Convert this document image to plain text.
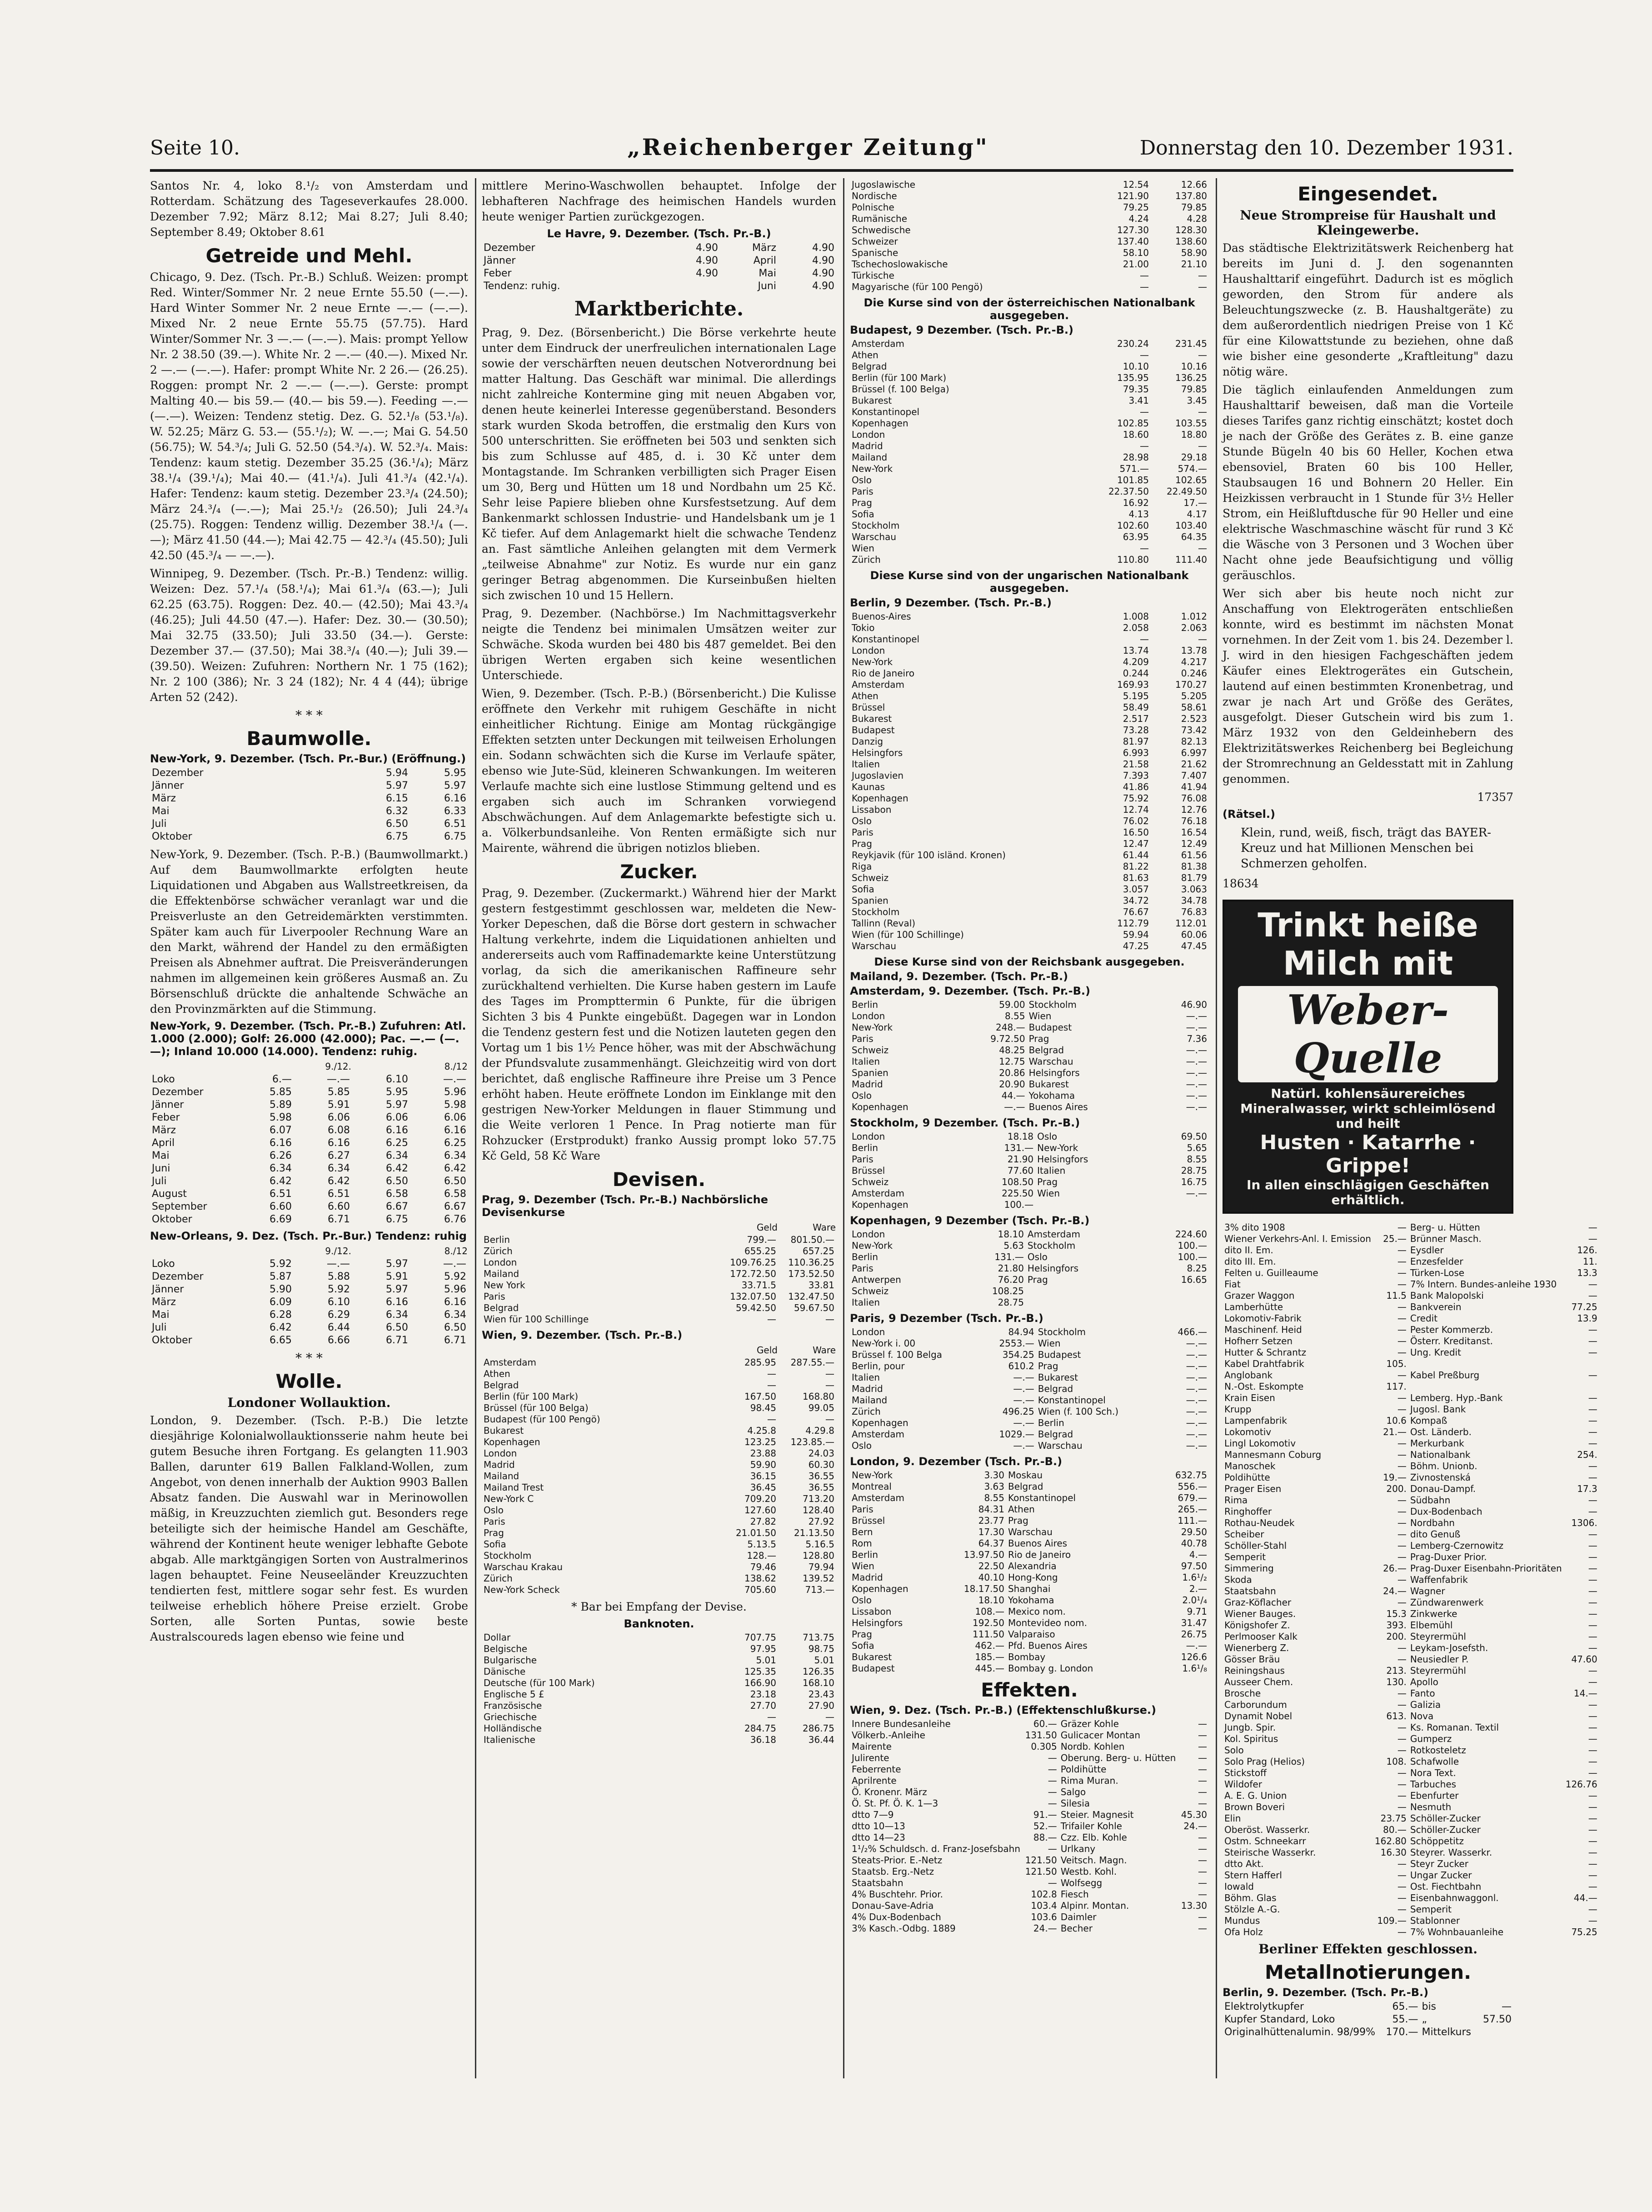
Seite 10.	„Reichenberger Zeitung"	Donnerstag den 10. Dezember 1931.

Santos Nr. 4, loko 8.¹/₂ von Amsterdam und Rotterdam. Schätzung des Tageseverkaufes 28.000. Dezember 7.92; März 8.12; Mai 8.27; Juli 8.40; September 8.49; Oktober 8.61

Getreide und Mehl.

Chicago, 9. Dez. (Tsch. Pr.-B.) Schluß. Weizen: prompt Red. Winter/Sommer Nr. 2 neue Ernte 55.50 (—.—). Hard Winter Sommer Nr. 2 neue Ernte —.— (—.—). Mixed Nr. 2 neue Ernte 55.75 (57.75). Hard Winter/Sommer Nr. 3 —.— (—.—). Mais: prompt Yellow Nr. 2 38.50 (39.—). White Nr. 2 —.— (40.—). Mixed Nr. 2 —.— (—.—). Hafer: prompt White Nr. 2 26.— (26.25). Roggen: prompt Nr. 2 —.— (—.—). Gerste: prompt Malting 40.— bis 59.— (40.— bis 59.—). Feeding —.— (—.—). Weizen: Tendenz stetig. Dez. G. 52.¹/₈ (53.¹/₈). W. 52.25; März G. 53.— (55.¹/₂); W. —.—; Mai G. 54.50 (56.75); W. 54.³/₄; Juli G. 52.50 (54.³/₄). W. 52.³/₄. Mais: Tendenz: kaum stetig. Dezember 35.25 (36.¹/₄); März 38.¹/₄ (39.¹/₄); Mai 40.— (41.¹/₄). Juli 41.³/₄ (42.¹/₄). Hafer: Tendenz: kaum stetig. Dezember 23.³/₄ (24.50); März 24.³/₄ (—.—); Mai 25.¹/₂ (26.50); Juli 24.³/₄ (25.75). Roggen: Tendenz willig. Dezember 38.¹/₄ (—.—); März 41.50 (44.—); Mai 42.75 — 42.³/₄ (45.50); Juli 42.50 (45.³/₄ — —.—).

Winnipeg, 9. Dezember. (Tsch. Pr.-B.) Tendenz: willig. Weizen: Dez. 57.¹/₄ (58.¹/₄); Mai 61.³/₄ (63.—); Juli 62.25 (63.75). Roggen: Dez. 40.— (42.50); Mai 43.³/₄ (46.25); Juli 44.50 (47.—). Hafer: Dez. 30.— (30.50); Mai 32.75 (33.50); Juli 33.50 (34.—). Gerste: Dezember 37.— (37.50); Mai 38.³/₄ (40.—); Juli 39.— (39.50). Weizen: Zufuhren: Northern Nr. 1 75 (162); Nr. 2 100 (386); Nr. 3 24 (182); Nr. 4 4 (44); übrige Arten 52 (242).

* * *
Baumwolle.
New-York, 9. Dezember. (Tsch. Pr.-Bur.) (Eröffnung.)
Dezember	5.94	5.95
Jänner	5.97	5.97
März	6.15	6.16
Mai	6.32	6.33
Juli	6.50	6.51
Oktober	6.75	6.75

New-York, 9. Dezember. (Tsch. P.-B.) (Baumwollmarkt.) Auf dem Baumwollmarkte erfolgten heute Liquidationen und Abgaben aus Wallstreetkreisen, da die Effektenbörse schwächer veranlagt war und die Preisverluste an den Getreidemärkten verstimmten. Später kam auch für Liverpooler Rechnung Ware an den Markt, während der Handel zu den ermäßigten Preisen als Abnehmer auftrat. Die Preisveränderungen nahmen im allgemeinen kein größeres Ausmaß an. Zu Börsenschluß drückte die anhaltende Schwäche an den Provinzmärkten auf die Stimmung.

New-York, 9. Dezember. (Tsch. Pr.-B.) Zufuhren: Atl. 1.000 (2.000); Golf: 26.000 (42.000); Pac. —.— (—.—); Inland 10.000 (14.000). Tendenz: ruhig.
	9./12.		8./12	
Loko	6.—	—.—	6.10	—.—
Dezember	5.85	5.85	5.95	5.96
Jänner	5.89	5.91	5.97	5.98
Feber	5.98	6.06	6.06	6.06
März	6.07	6.08	6.16	6.16
April	6.16	6.16	6.25	6.25
Mai	6.26	6.27	6.34	6.34
Juni	6.34	6.34	6.42	6.42
Juli	6.42	6.42	6.50	6.50
August	6.51	6.51	6.58	6.58
September	6.60	6.60	6.67	6.67
Oktober	6.69	6.71	6.75	6.76
New-Orleans, 9. Dez. (Tsch. Pr.-Bur.) Tendenz: ruhig
	9./12.		8./12	
Loko	5.92	—.—	5.97	—.—
Dezember	5.87	5.88	5.91	5.92
Jänner	5.90	5.92	5.97	5.96
März	6.09	6.10	6.16	6.16
Mai	6.28	6.29	6.34	6.34
Juli	6.42	6.44	6.50	6.50
Oktober	6.65	6.66	6.71	6.71
* * *
Wolle.
Londoner Wollauktion.

London, 9. Dezember. (Tsch. P.-B.) Die letzte diesjährige Kolonialwollauktionsserie nahm heute bei gutem Besuche ihren Fortgang. Es gelangten 11.903 Ballen, darunter 619 Ballen Falkland-Wollen, zum Angebot, von denen innerhalb der Auktion 9903 Ballen Absatz fanden. Die Auswahl war in Merinowollen mäßig, in Kreuzzuchten ziemlich gut. Besonders rege beteiligte sich der heimische Handel am Geschäfte, während der Kontinent heute weniger lebhafte Gebote abgab. Alle marktgängigen Sorten von Australmerinos lagen behauptet. Feine Neuseeländer Kreuzzuchten tendierten fest, mittlere sogar sehr fest. Es wurden teilweise erheblich höhere Preise erzielt. Grobe Sorten, alle Sorten Puntas, sowie beste Australscoureds lagen ebenso wie feine und

mittlere Merino-Waschwollen behauptet. Infolge der lebhafteren Nachfrage des heimischen Handels wurden heute weniger Partien zurückgezogen.

Le Havre, 9. Dezember. (Tsch. Pr.-B.)
Dezember	4.90	März	4.90
Jänner	4.90	April	4.90
Feber	4.90	Mai	4.90
Tendenz: ruhig.		Juni	4.90
Marktberichte.

Prag, 9. Dez. (Börsenbericht.) Die Börse verkehrte heute unter dem Eindruck der unerfreulichen internationalen Lage sowie der verschärften neuen deutschen Notverordnung bei matter Haltung. Das Geschäft war minimal. Die allerdings nicht zahlreiche Kontermine ging mit neuen Abgaben vor, denen heute keinerlei Interesse gegenüberstand. Besonders stark wurden Skoda betroffen, die erstmalig den Kurs von 500 unterschritten. Sie eröffneten bei 503 und senkten sich bis zum Schlusse auf 485, d. i. 30 Kč unter dem Montagstande. Im Schranken verbilligten sich Prager Eisen um 30, Berg und Hütten um 18 und Nordbahn um 25 Kč. Sehr leise Papiere blieben ohne Kursfestsetzung. Auf dem Bankenmarkt schlossen Industrie- und Handelsbank um je 1 Kč tiefer. Auf dem Anlagemarkt hielt die schwache Tendenz an. Fast sämtliche Anleihen gelangten mit dem Vermerk „teilweise Abnahme" zur Notiz. Es wurde nur ein ganz geringer Betrag abgenommen. Die Kurseinbußen hielten sich zwischen 10 und 15 Hellern.

Prag, 9. Dezember. (Nachbörse.) Im Nachmittagsverkehr neigte die Tendenz bei minimalen Umsätzen weiter zur Schwäche. Skoda wurden bei 480 bis 487 gemeldet. Bei den übrigen Werten ergaben sich keine wesentlichen Unterschiede.

Wien, 9. Dezember. (Tsch. P.-B.) (Börsenbericht.) Die Kulisse eröffnete den Verkehr mit ruhigem Geschäfte in nicht einheitlicher Richtung. Einige am Montag rückgängige Effekten setzten unter Deckungen mit teilweisen Erholungen ein. Sodann schwächten sich die Kurse im Verlaufe später, ebenso wie Jute-Süd, kleineren Schwankungen. Im weiteren Verlaufe machte sich eine lustlose Stimmung geltend und es ergaben sich auch im Schranken vorwiegend Abschwächungen. Auf dem Anlagemarkte befestigte sich u. a. Völkerbundsanleihe. Von Renten ermäßigte sich nur Mairente, während die übrigen notizlos blieben.

Zucker.

Prag, 9. Dezember. (Zuckermarkt.) Während hier der Markt gestern festgestimmt geschlossen war, meldeten die New-Yorker Depeschen, daß die Börse dort gestern in schwacher Haltung verkehrte, indem die Liquidationen anhielten und andererseits auch vom Raffinademarkte keine Unterstützung vorlag, da sich die amerikanischen Raffineure sehr zurückhaltend verhielten. Die Kurse haben gestern im Laufe des Tages im Prompttermin 6 Punkte, für die übrigen Sichten 3 bis 4 Punkte eingebüßt. Dagegen war in London die Tendenz gestern fest und die Notizen lauteten gegen den Vortag um 1 bis 1½ Pence höher, was mit der Abschwächung der Pfundsvalute zusammenhängt. Gleichzeitig wird von dort berichtet, daß englische Raffineure ihre Preise um 3 Pence erhöht haben. Heute eröffnete London im Einklange mit den gestrigen New-Yorker Meldungen in flauer Stimmung und die Weite verloren 1 Pence. In Prag notierte man für Rohzucker (Erstprodukt) franko Aussig prompt loko 57.75 Kč Geld, 58 Kč Ware

Devisen.
Prag, 9. Dezember (Tsch. Pr.-B.) Nachbörsliche Devisenkurse
	Geld	Ware
Berlin	799.—	801.50.—
Zürich	655.25	657.25
London	109.76.25	110.36.25
Mailand	172.72.50	173.52.50
New York	33.71.5	33.81
Paris	132.07.50	132.47.50
Belgrad	59.42.50	59.67.50
Wien für 100 Schillinge	—	—
Wien, 9. Dezember. (Tsch. Pr.-B.)
	Geld	Ware
Amsterdam	285.95	287.55.—
Athen	—	—
Belgrad	—	—
Berlin (für 100 Mark)	167.50	168.80
Brüssel (für 100 Belga)	98.45	99.05
Budapest (für 100 Pengö)	—	—
Bukarest	4.25.8	4.29.8
Kopenhagen	123.25	123.85.—
London	23.88	24.03
Madrid	59.90	60.30
Mailand	36.15	36.55
Mailand Trest	36.45	36.55
New-York C	709.20	713.20
Oslo	127.60	128.40
Paris	27.82	27.92
Prag	21.01.50	21.13.50
Sofia	5.13.5	5.16.5
Stockholm	128.—	128.80
Warschau Krakau	79.46	79.94
Zürich	138.62	139.52
New-York Scheck	705.60	713.—
* Bar bei Empfang der Devise.
Banknoten.
Dollar	707.75	713.75
Belgische	97.95	98.75
Bulgarische	5.01	5.01
Dänische	125.35	126.35
Deutsche (für 100 Mark)	166.90	168.10
Englische 5 £	23.18	23.43
Französische	27.70	27.90
Griechische	—	—
Holländische	284.75	286.75
Italienische	36.18	36.44
Jugoslawische	12.54	12.66
Nordische	121.90	137.80
Polnische	79.25	79.85
Rumänische	4.24	4.28
Schwedische	127.30	128.30
Schweizer	137.40	138.60
Spanische	58.10	58.90
Tschechoslowakische	21.00	21.10
Türkische	—	—
Magyarische (für 100 Pengö)	—	—
Die Kurse sind von der österreichischen Nationalbank ausgegeben.
Budapest, 9 Dezember. (Tsch. Pr.-B.)
Amsterdam	230.24	231.45
Athen	—	—
Belgrad	10.10	10.16
Berlin (für 100 Mark)	135.95	136.25
Brüssel (f. 100 Belga)	79.35	79.85
Bukarest	3.41	3.45
Konstantinopel	—	—
Kopenhagen	102.85	103.55
London	18.60	18.80
Madrid	—	—
Mailand	28.98	29.18
New-York	571.—	574.—
Oslo	101.85	102.65
Paris	22.37.50	22.49.50
Prag	16.92	17.—
Sofia	4.13	4.17
Stockholm	102.60	103.40
Warschau	63.95	64.35
Wien	—	—
Zürich	110.80	111.40
Diese Kurse sind von der ungarischen Nationalbank ausgegeben.
Berlin, 9 Dezember. (Tsch. Pr.-B.)
Buenos-Aires	1.008	1.012
Tokio	2.058	2.063
Konstantinopel	—	—
London	13.74	13.78
New-York	4.209	4.217
Rio de Janeiro	0.244	0.246
Amsterdam	169.93	170.27
Athen	5.195	5.205
Brüssel	58.49	58.61
Bukarest	2.517	2.523
Budapest	73.28	73.42
Danzig	81.97	82.13
Helsingfors	6.993	6.997
Italien	21.58	21.62
Jugoslavien	7.393	7.407
Kaunas	41.86	41.94
Kopenhagen	75.92	76.08
Lissabon	12.74	12.76
Oslo	76.02	76.18
Paris	16.50	16.54
Prag	12.47	12.49
Reykjavik (für 100 isländ. Kronen)	61.44	61.56
Riga	81.22	81.38
Schweiz	81.63	81.79
Sofia	3.057	3.063
Spanien	34.72	34.78
Stockholm	76.67	76.83
Tallinn (Reval)	112.79	112.01
Wien (für 100 Schillinge)	59.94	60.06
Warschau	47.25	47.45
Diese Kurse sind von der Reichsbank ausgegeben.
Mailand, 9. Dezember. (Tsch. Pr.-B.)
Amsterdam, 9. Dezember. (Tsch. Pr.-B.)
Berlin	59.00	Stockholm	46.90
London	8.55	Wien	—.—
New-York	248.—	Budapest	—.—
Paris	9.72.50	Prag	7.36
Schweiz	48.25	Belgrad	—.—
Italien	12.75	Warschau	—.—
Spanien	20.86	Helsingfors	—.—
Madrid	20.90	Bukarest	—.—
Oslo	44.—	Yokohama	—.—
Kopenhagen	—.—	Buenos Aires	—.—
Stockholm, 9 Dezember. (Tsch. Pr.-B.)
London	18.18	Oslo	69.50
Berlin	131.—	New-York	5.65
Paris	21.90	Helsingfors	8.55
Brüssel	77.60	Italien	28.75
Schweiz	108.50	Prag	16.75
Amsterdam	225.50	Wien	—.—
Kopenhagen	100.—		
Kopenhagen, 9 Dezember (Tsch. Pr.-B.)
London	18.10	Amsterdam	224.60
New-York	5.63	Stockholm	100.—
Berlin	131.—	Oslo	100.—
Paris	21.80	Helsingfors	8.25
Antwerpen	76.20	Prag	16.65
Schweiz	108.25		
Italien	28.75		
Paris, 9 Dezember (Tsch. Pr.-B.)
London	84.94	Stockholm	466.—
New-York i. 00	2553.—	Wien	—.—
Brüssel f. 100 Belga	354.25	Budapest	—.—
Berlin, pour	610.2	Prag	—.—
Italien	—.—	Bukarest	—.—
Madrid	—.—	Belgrad	—.—
Mailand	—.—	Konstantinopel	—.—
Zürich	496.25	Wien (f. 100 Sch.)	—.—
Kopenhagen	—.—	Berlin	—.—
Amsterdam	1029.—	Belgrad	—.—
Oslo	—.—	Warschau	—.—
London, 9. Dezember (Tsch. Pr.-B.)
New-York	3.30	Moskau	632.75
Montreal	3.63	Belgrad	556.—
Amsterdam	8.55	Konstantinopel	679.—
Paris	84.31	Athen	265.—
Brüssel	23.77	Prag	111.—
Bern	17.30	Warschau	29.50
Rom	64.37	Buenos Aires	40.78
Berlin	13.97.50	Rio de Janeiro	4.—
Wien	22.50	Alexandria	97.50
Madrid	40.10	Hong-Kong	1.6¹/₂
Kopenhagen	18.17.50	Shanghai	2.—
Oslo	18.10	Yokohama	2.0¹/₄
Lissabon	108.—	Mexico nom.	9.71
Helsingfors	192.50	Montevideo nom.	31.47
Prag	111.50	Valparaiso	26.75
Sofia	462.—	Pfd. Buenos Aires	—.—
Bukarest	185.—	Bombay	126.6
Budapest	445.—	Bombay g. London	1.6¹/₈
Effekten.
Wien, 9. Dez. (Tsch. Pr.-B.) (Effektenschlußkurse.)
Innere Bundesanleihe	60.—	Gräzer Kohle	—
Völkerb.-Anleihe	131.50	Gulicacer Montan	—
Mairente	0.305	Nordb. Kohlen	—
Julirente	—	Oberung. Berg- u. Hütten	—
Feberrente	—	Poldihütte	—
Aprilrente	—	Rima Muran.	—
Ö. Kronenr. März	—	Salgo	—
Ö. St. Pf. Ö. K. 1—3	—	Silesia	—
dtto 7—9	91.—	Steier. Magnesit	45.30
dtto 10—13	52.—	Trifailer Kohle	24.—
dtto 14—23	88.—	Czz. Elb. Kohle	—
1¹/₂% Schuldsch. d. Franz-Josefsbahn	—	Urlkany	—
Steats-Prior. E.-Netz	121.50	Veitsch. Magn.	—
Staatsb. Erg.-Netz	121.50	Westb. Kohl.	—
Staatsbahn	—	Wolfsegg	—
4% Buschtehr. Prior.	102.8	Fiesch	—
Donau-Save-Adria	103.4	Alpinr. Montan.	13.30
4% Dux-Bodenbach	103.6	Daimler	—
3% Kasch.-Odbg. 1889	24.—	Becher	—
Eingesendet.
Neue Strompreise für Haushalt und Kleingewerbe.

Das städtische Elektrizitätswerk Reichenberg hat bereits im Juni d. J. den sogenannten Haushalttarif eingeführt. Dadurch ist es möglich geworden, den Strom für andere als Beleuchtungszwecke (z. B. Haushaltgeräte) zu dem außerordentlich niedrigen Preise von 1 Kč für eine Kilowattstunde zu beziehen, ohne daß wie bisher eine gesonderte „Kraftleitung" dazu nötig wäre.

Die täglich einlaufenden Anmeldungen zum Haushalttarif beweisen, daß man die Vorteile dieses Tarifes ganz richtig einschätzt; kostet doch je nach der Größe des Gerätes z. B. eine ganze Stunde Bügeln 40 bis 60 Heller, Kochen etwa ebensoviel, Braten 60 bis 100 Heller, Staubsaugen 16 und Bohnern 20 Heller. Ein Heizkissen verbraucht in 1 Stunde für 3½ Heller Strom, ein Heißluftdusche für 90 Heller und eine elektrische Waschmaschine wäscht für rund 3 Kč die Wäsche von 3 Personen und 3 Wochen über Nacht ohne jede Beaufsichtigung und völlig geräuschlos.

Wer sich aber bis heute noch nicht zur Anschaffung von Elektrogeräten entschließen konnte, wird es bestimmt im nächsten Monat vornehmen. In der Zeit vom 1. bis 24. Dezember l. J. wird in den hiesigen Fachgeschäften jedem Käufer eines Elektrogerätes ein Gutschein, lautend auf einen bestimmten Kronenbetrag, und zwar je nach Art und Größe des Gerätes, ausgefolgt. Dieser Gutschein wird bis zum 1. März 1932 von den Geldeinhebern des Elektrizitätswerkes Reichenberg bei Begleichung der Stromrechnung an Geldesstatt mit in Zahlung genommen.

17357
(Rätsel.)
Klein, rund, weiß, fisch, trägt das BAYER-Kreuz und hat Millionen Menschen bei Schmerzen geholfen.
18634
Trinkt heiße Milch mit
Weber-Quelle
Natürl. kohlensäurereiches Mineralwasser, wirkt schleimlösend und heilt
Husten · Katarrhe · Grippe!
In allen einschlägigen Geschäften erhältlich.
3% dito 1908	—	Berg- u. Hütten	—
Wiener Verkehrs-Anl. I. Emission	25.—	Brünner Masch.	—
dito II. Em.	—	Eysdler	126.
dito III. Em.	—	Enzesfelder	11.
Felten u. Guilleaume	—	Türken-Lose	13.3
Fiat	—	7% Intern. Bundes-anleihe 1930	—
Grazer Waggon	11.5	Bank Malopolski	—
Lamberhütte	—	Bankverein	77.25
Lokomotiv-Fabrik	—	Credit	13.9
Maschinenf. Heid	—	Pester Kommerzb.	—
Hofherr Setzen	—	Österr. Kreditanst.	—
Hutter & Schrantz	—	Ung. Kredit	—
Kabel Drahtfabrik	105.		
Anglobank	—	Kabel Preßburg	—
N.-Ost. Eskompte	117.		
Krain Eisen	—	Lemberg. Hyp.-Bank	—
Krupp	—	Jugosl. Bank	—
Lampenfabrik	10.6	Kompaß	—
Lokomotiv	21.—	Ost. Länderb.	—
Lingl Lokomotiv	—	Merkurbank	—
Mannesmann Coburg	—	Nationalbank	254.
Manoschek	—	Böhm. Unionb.	—
Poldihütte	19.—	Zivnostenská	—
Prager Eisen	200.	Donau-Dampf.	17.3
Rima	—	Südbahn	—
Ringhoffer	—	Dux-Bodenbach	—
Rothau-Neudek	—	Nordbahn	1306.
Scheiber	—	dito Genuß	—
Schöller-Stahl	—	Lemberg-Czernowitz	—
Semperit	—	Prag-Duxer Prior.	—
Simmering	26.—	Prag-Duxer Eisenbahn-Prioritäten	—
Skoda	—	Waffenfabrik	—
Staatsbahn	24.—	Wagner	—
Graz-Köflacher	—	Zündwarenwerk	—
Wiener Bauges.	15.3	Zinkwerke	—
Königshofer Z.	393.	Elbemühl	—
Perlmooser Kalk	200.	Steyrermühl	—
Wienerberg Z.	—	Leykam-Josefsth.	—
Gösser Bräu	—	Neusiedler P.	47.60
Reiningshaus	213.	Steyrermühl	—
Ausseer Chem.	130.	Apollo	—
Brosche	—	Fanto	14.—
Carborundum	—	Galizia	—
Dynamit Nobel	613.	Nova	—
Jungb. Spir.	—	Ks. Romanan. Textil	—
Kol. Spiritus	—	Gumperz	—
Solo	—	Rotkosteletz	—
Solo Prag (Helios)	108.	Schafwolle	—
Stickstoff	—	Nora Text.	—
Wildofer	—	Tarbuches	126.76
A. E. G. Union	—	Ebenfurter	—
Brown Boveri	—	Nesmuth	—
Elin	23.75	Schöller-Zucker	—
Oberöst. Wasserkr.	80.—	Schöller-Zucker	—
Ostm. Schneekarr	162.80	Schöppetitz	—
Steirische Wasserkr.	16.30	Steyrer. Wasserkr.	—
dtto Akt.	—	Steyr Zucker	—
Stern Hafferl	—	Ungar Zucker	—
Iowald	—	Ost. Fiechtbahn	—
Böhm. Glas	—	Eisenbahnwaggonl.	44.—
Stölzle A.-G.	—	Semperit	—
Mundus	109.—	Stablonner	—
Ofa Holz	—	7% Wohnbauanleihe	75.25
Berliner Effekten geschlossen.
Metallnotierungen.
Berlin, 9. Dezember. (Tsch. Pr.-B.)
Elektrolytkupfer	65.—	bis	—
Kupfer Standard, Loko	55.—	„	57.50
Originalhüttenalumin. 98/99%	170.—	Mittelkurs	
